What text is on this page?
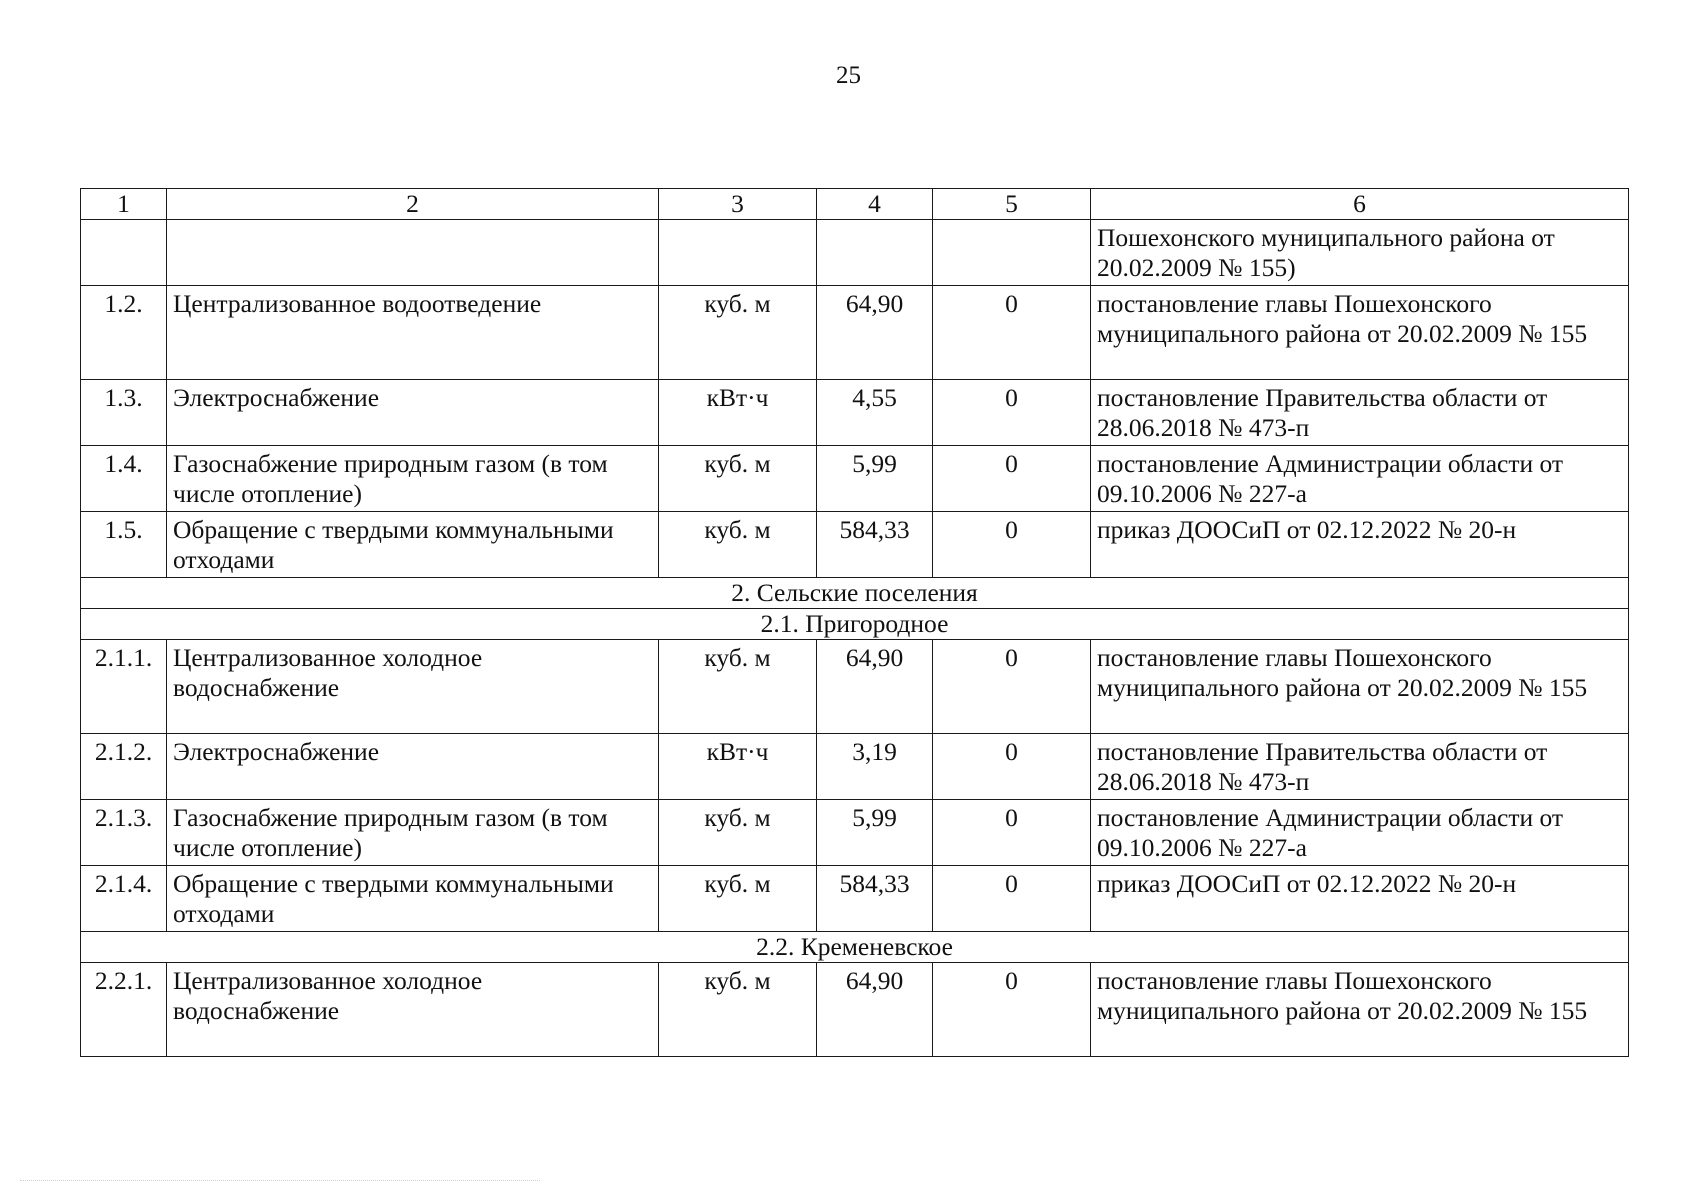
25
1	2	3	4	5	6
					Пошехонского муниципального района от 20.02.2009 № 155)
1.2.	Централизованное водоотведение	куб. м	64,90	0	постановление главы Пошехонского муниципального района от 20.02.2009 № 155
1.3.	Электроснабжение	кВт·ч	4,55	0	постановление Правительства области от 28.06.2018 № 473-п
1.4.	Газоснабжение природным газом (в том числе отопление)	куб. м	5,99	0	постановление Администрации области от 09.10.2006 № 227-а
1.5.	Обращение с твердыми коммунальными отходами	куб. м	584,33	0	приказ ДООСиП от 02.12.2022 № 20-н
2. Сельские поселения					
2.1. Пригородное					
2.1.1.	Централизованное холодное водоснабжение	куб. м	64,90	0	постановление главы Пошехонского муниципального района от 20.02.2009 № 155
2.1.2.	Электроснабжение	кВт·ч	3,19	0	постановление Правительства области от 28.06.2018 № 473-п
2.1.3.	Газоснабжение природным газом (в том числе отопление)	куб. м	5,99	0	постановление Администрации области от 09.10.2006 № 227-а
2.1.4.	Обращение с твердыми коммунальными отходами	куб. м	584,33	0	приказ ДООСиП от 02.12.2022 № 20-н
2.2. Кременевское					
2.2.1.	Централизованное холодное водоснабжение	куб. м	64,90	0	постановление главы Пошехонского муниципального района от 20.02.2009 № 155
